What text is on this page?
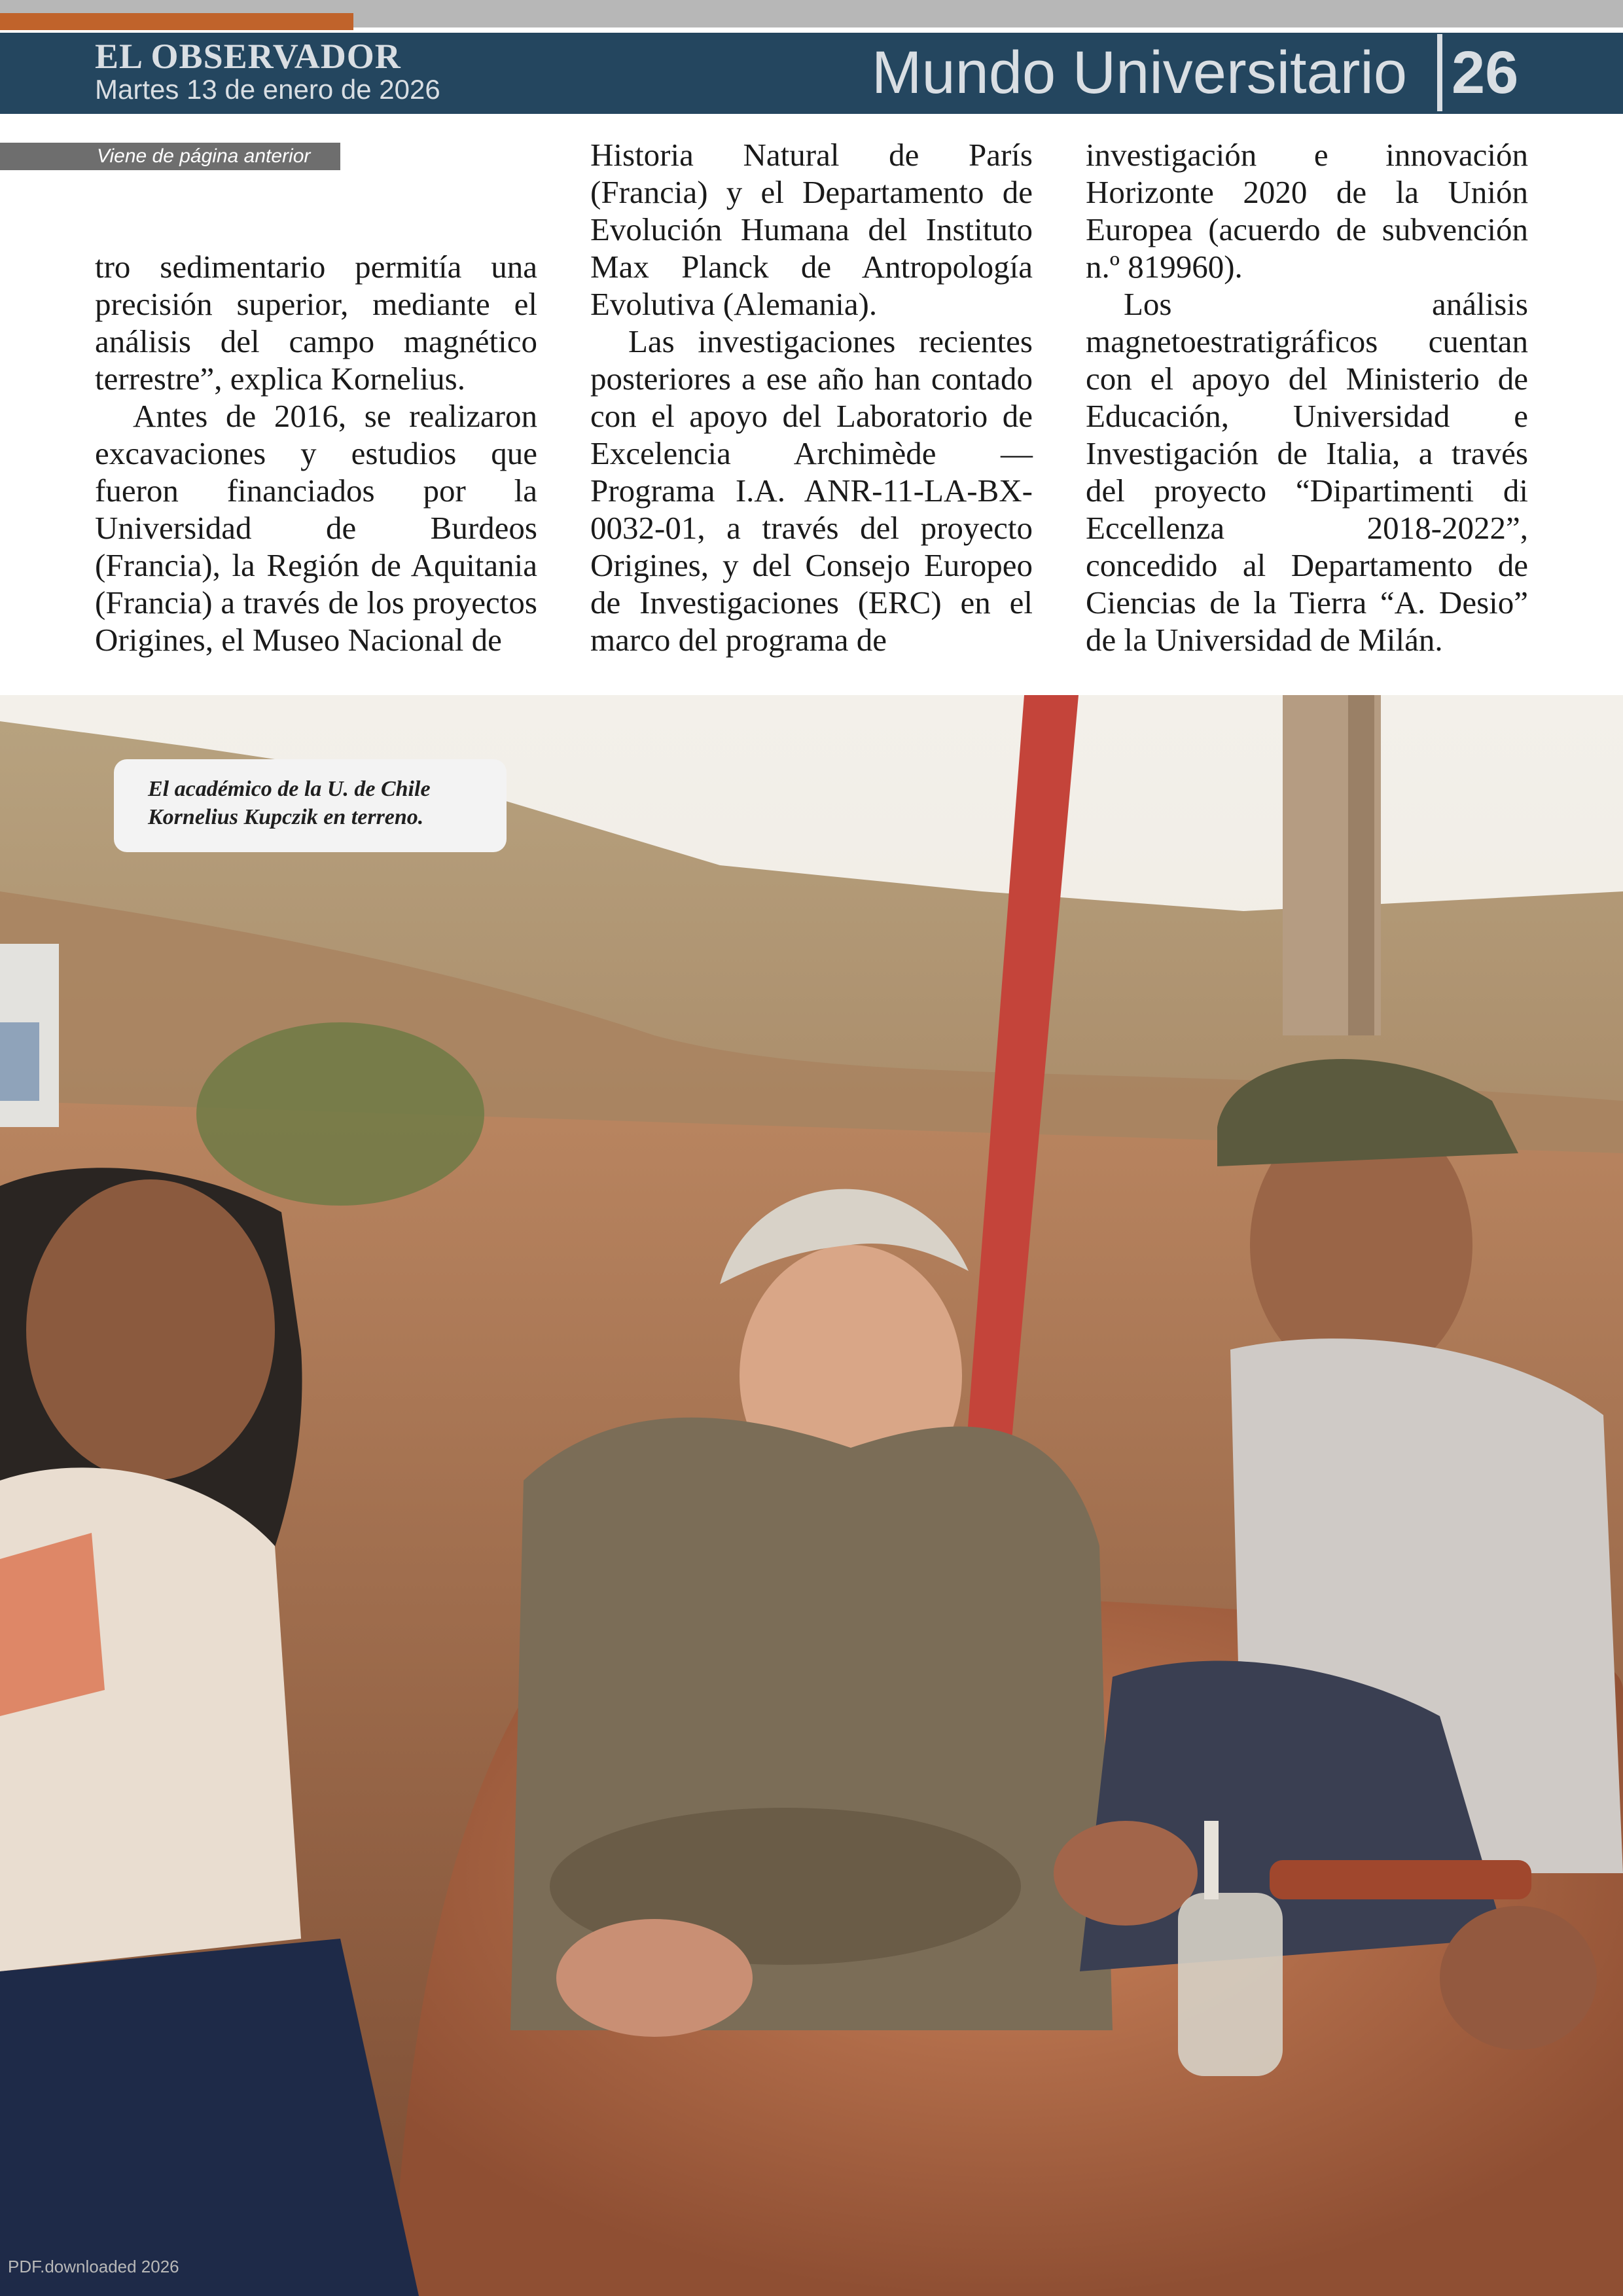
EL OBSERVADOR
Martes 13 de enero de 2026	Mundo Universitario 26
Viene de página anterior

tro sedimentario permitía una precisión superior, mediante el análisis del campo magnético terrestre”, explica Kornelius.

Antes de 2016, se realizaron excavaciones y estudios que fueron financiados por la Universidad de Burdeos (Francia), la Región de Aquitania (Francia) a través de los proyectos Origines, el Museo Nacional de

Historia Natural de París (Francia) y el Departamento de Evolución Humana del Instituto Max Planck de Antropología Evolutiva (Alemania).

Las investigaciones recientes posteriores a ese año han contado con el apoyo del Laboratorio de Excelencia Archimède —Programa I.A. ANR-11-LA-BX-0032-01, a través del proyecto Origines, y del Consejo Europeo de Investigaciones (ERC) en el marco del programa de

investigación e innovación Horizonte 2020 de la Unión Europea (acuerdo de subvención n.º 819960).

Los análisis magnetoestratigráficos cuentan con el apoyo del Ministerio de Educación, Universidad e Investigación de Italia, a través del proyecto “Dipartimenti di Eccellenza 2018-2022”, concedido al Departamento de Ciencias de la Tierra “A. Desio” de la Universidad de Milán.

El académico de la U. de Chile
Kornelius Kupczik en terreno.
PDF.downloaded 2026
